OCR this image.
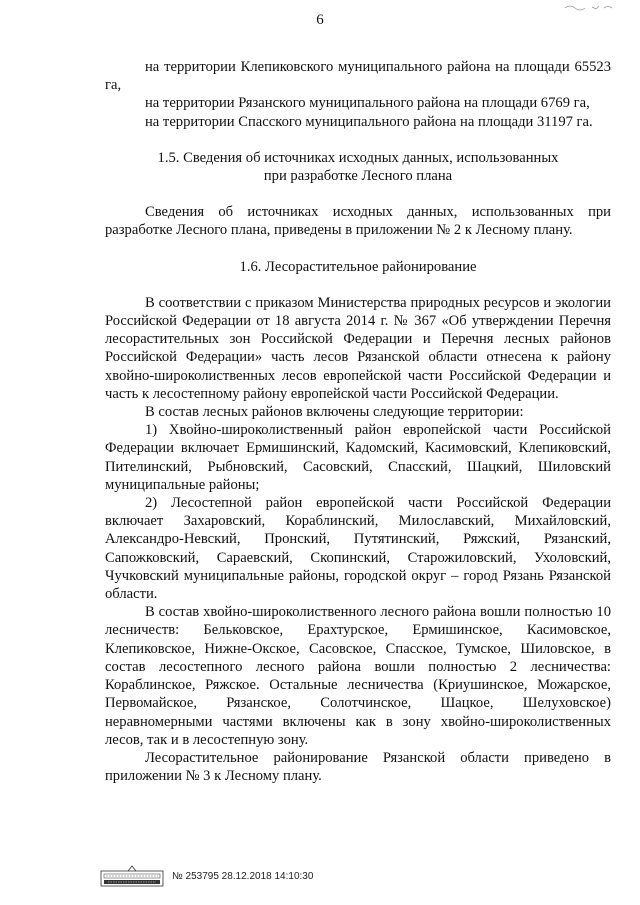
6

на территории Клепиковского муниципального района на площади 65523 га,

на территории Рязанского муниципального района на площади 6769 га,

на территории Спасского муниципального района на площади 31197 га.

1.5. Сведения об источниках исходных данных, использованных

при разработке Лесного плана

Сведения об источниках исходных данных, использованных при разработке Лесного плана, приведены в приложении № 2 к Лесному плану.

1.6. Лесорастительное районирование

В соответствии с приказом Министерства природных ресурсов и экологии Российской Федерации от 18 августа 2014 г. № 367 «Об утверждении Перечня лесорастительных зон Российской Федерации и Перечня лесных районов Российской Федерации» часть лесов Рязанской области отнесена к району хвойно-широколиственных лесов европейской части Российской Федерации и часть к лесостепному району европейской части Российской Федерации.

В состав лесных районов включены следующие территории:

1) Хвойно-широколиственный район европейской части Российской Федерации включает Ермишинский, Кадомский, Касимовский, Клепиковский, Пителинский, Рыбновский, Сасовский, Спасский, Шацкий, Шиловский муниципальные районы;

2) Лесостепной район европейской части Российской Федерации включает Захаровский, Кораблинский, Милославский, Михайловский, Александро-Невский, Пронский, Путятинский, Ряжский, Рязанский, Сапожковский, Сараевский, Скопинский, Старожиловский, Ухоловский, Чучковский муниципальные районы, городской округ – город Рязань Рязанской области.

В состав хвойно-широколиственного лесного района вошли полностью 10 лесничеств: Бельковское, Ерахтурское, Ермишинское, Касимовское, Клепиковское, Нижне-Окское, Сасовское, Спасское, Тумское, Шиловское, в состав лесостепного лесного района вошли полностью 2 лесничества: Кораблинское, Ряжское. Остальные лесничества (Криушинское, Можарское, Первомайское, Рязанское, Солотчинское, Шацкое, Шелуховское) неравномерными частями включены как в зону хвойно-широколиственных лесов, так и в лесостепную зону.

Лесорастительное районирование Рязанской области приведено в приложении № 3 к Лесному плану.

№ 253795 28.12.2018 14:10:30
